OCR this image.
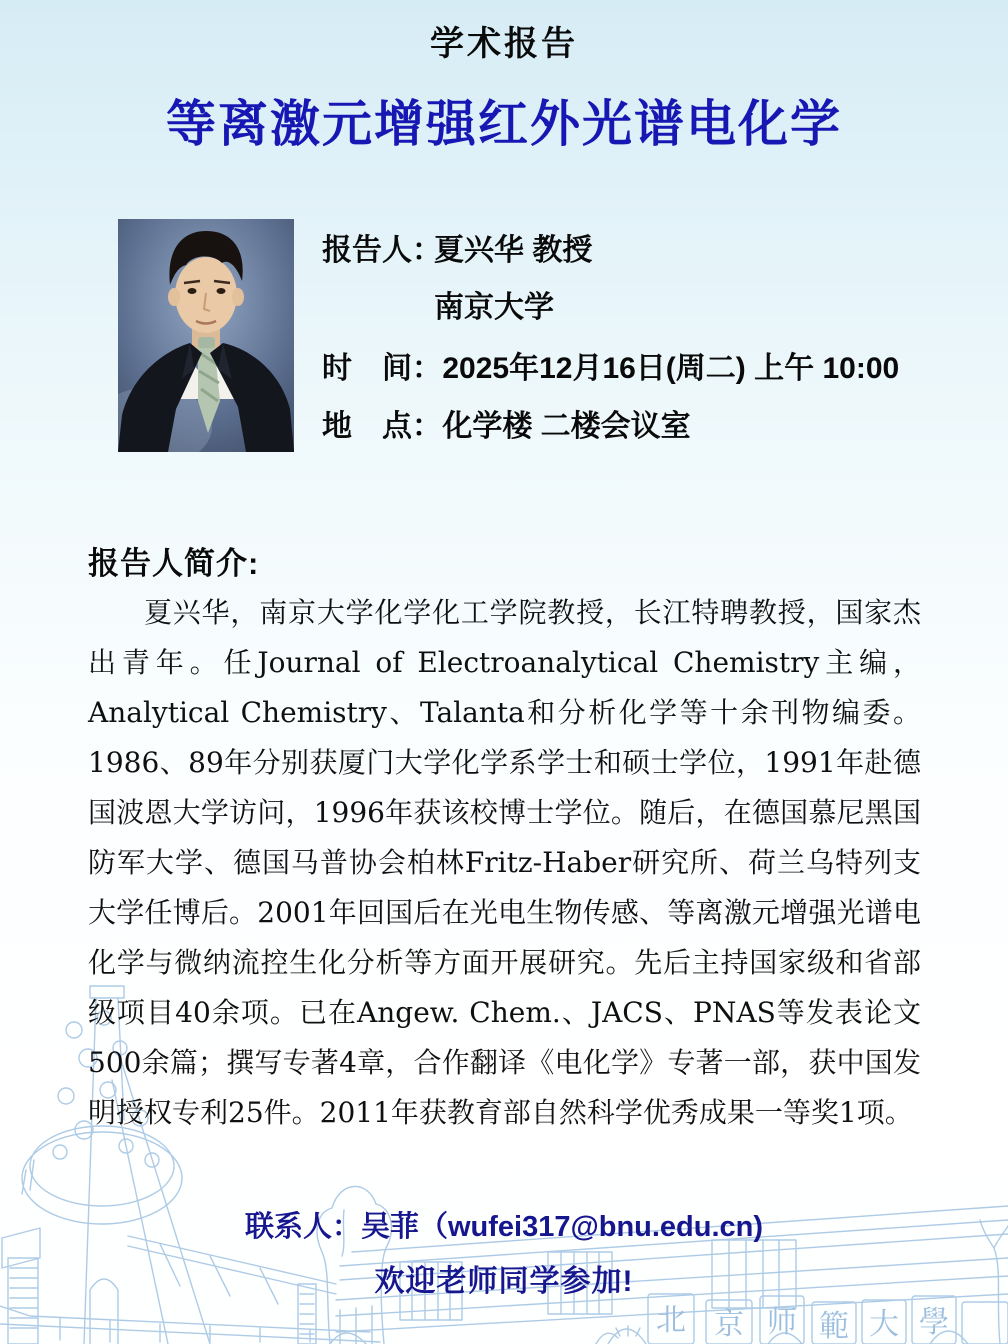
北 京 师 範 大 學
学术报告
等离激元增强红外光谱电化学
报告人：
夏兴华 教授
南京大学
时　间：
2025年12月16日(周二) 上午 10:00
地　点：
化学楼 二楼会议室
报告人简介:

夏兴华，南京大学化学化工学院教授，长江特聘教授，国家杰出青年。任Journal of Electroanalytical Chemistry主编，Analytical Chemistry、Talanta和分析化学等十余刊物编委。1986、89年分别获厦门大学化学系学士和硕士学位，1991年赴德国波恩大学访问，1996年获该校博士学位。随后，在德国慕尼黑国防军大学、德国马普协会柏林Fritz-Haber研究所、荷兰乌特列支大学任博后。2001年回国后在光电生物传感、等离激元增强光谱电化学与微纳流控生化分析等方面开展研究。先后主持国家级和省部级项目40余项。已在Angew. Chem.、JACS、PNAS等发表论文500余篇；撰写专著4章，合作翻译《电化学》专著一部，获中国发明授权专利25件。2011年获教育部自然科学优秀成果一等奖1项。

联系人：吴菲（wufei317@bnu.edu.cn)
欢迎老师同学参加!
